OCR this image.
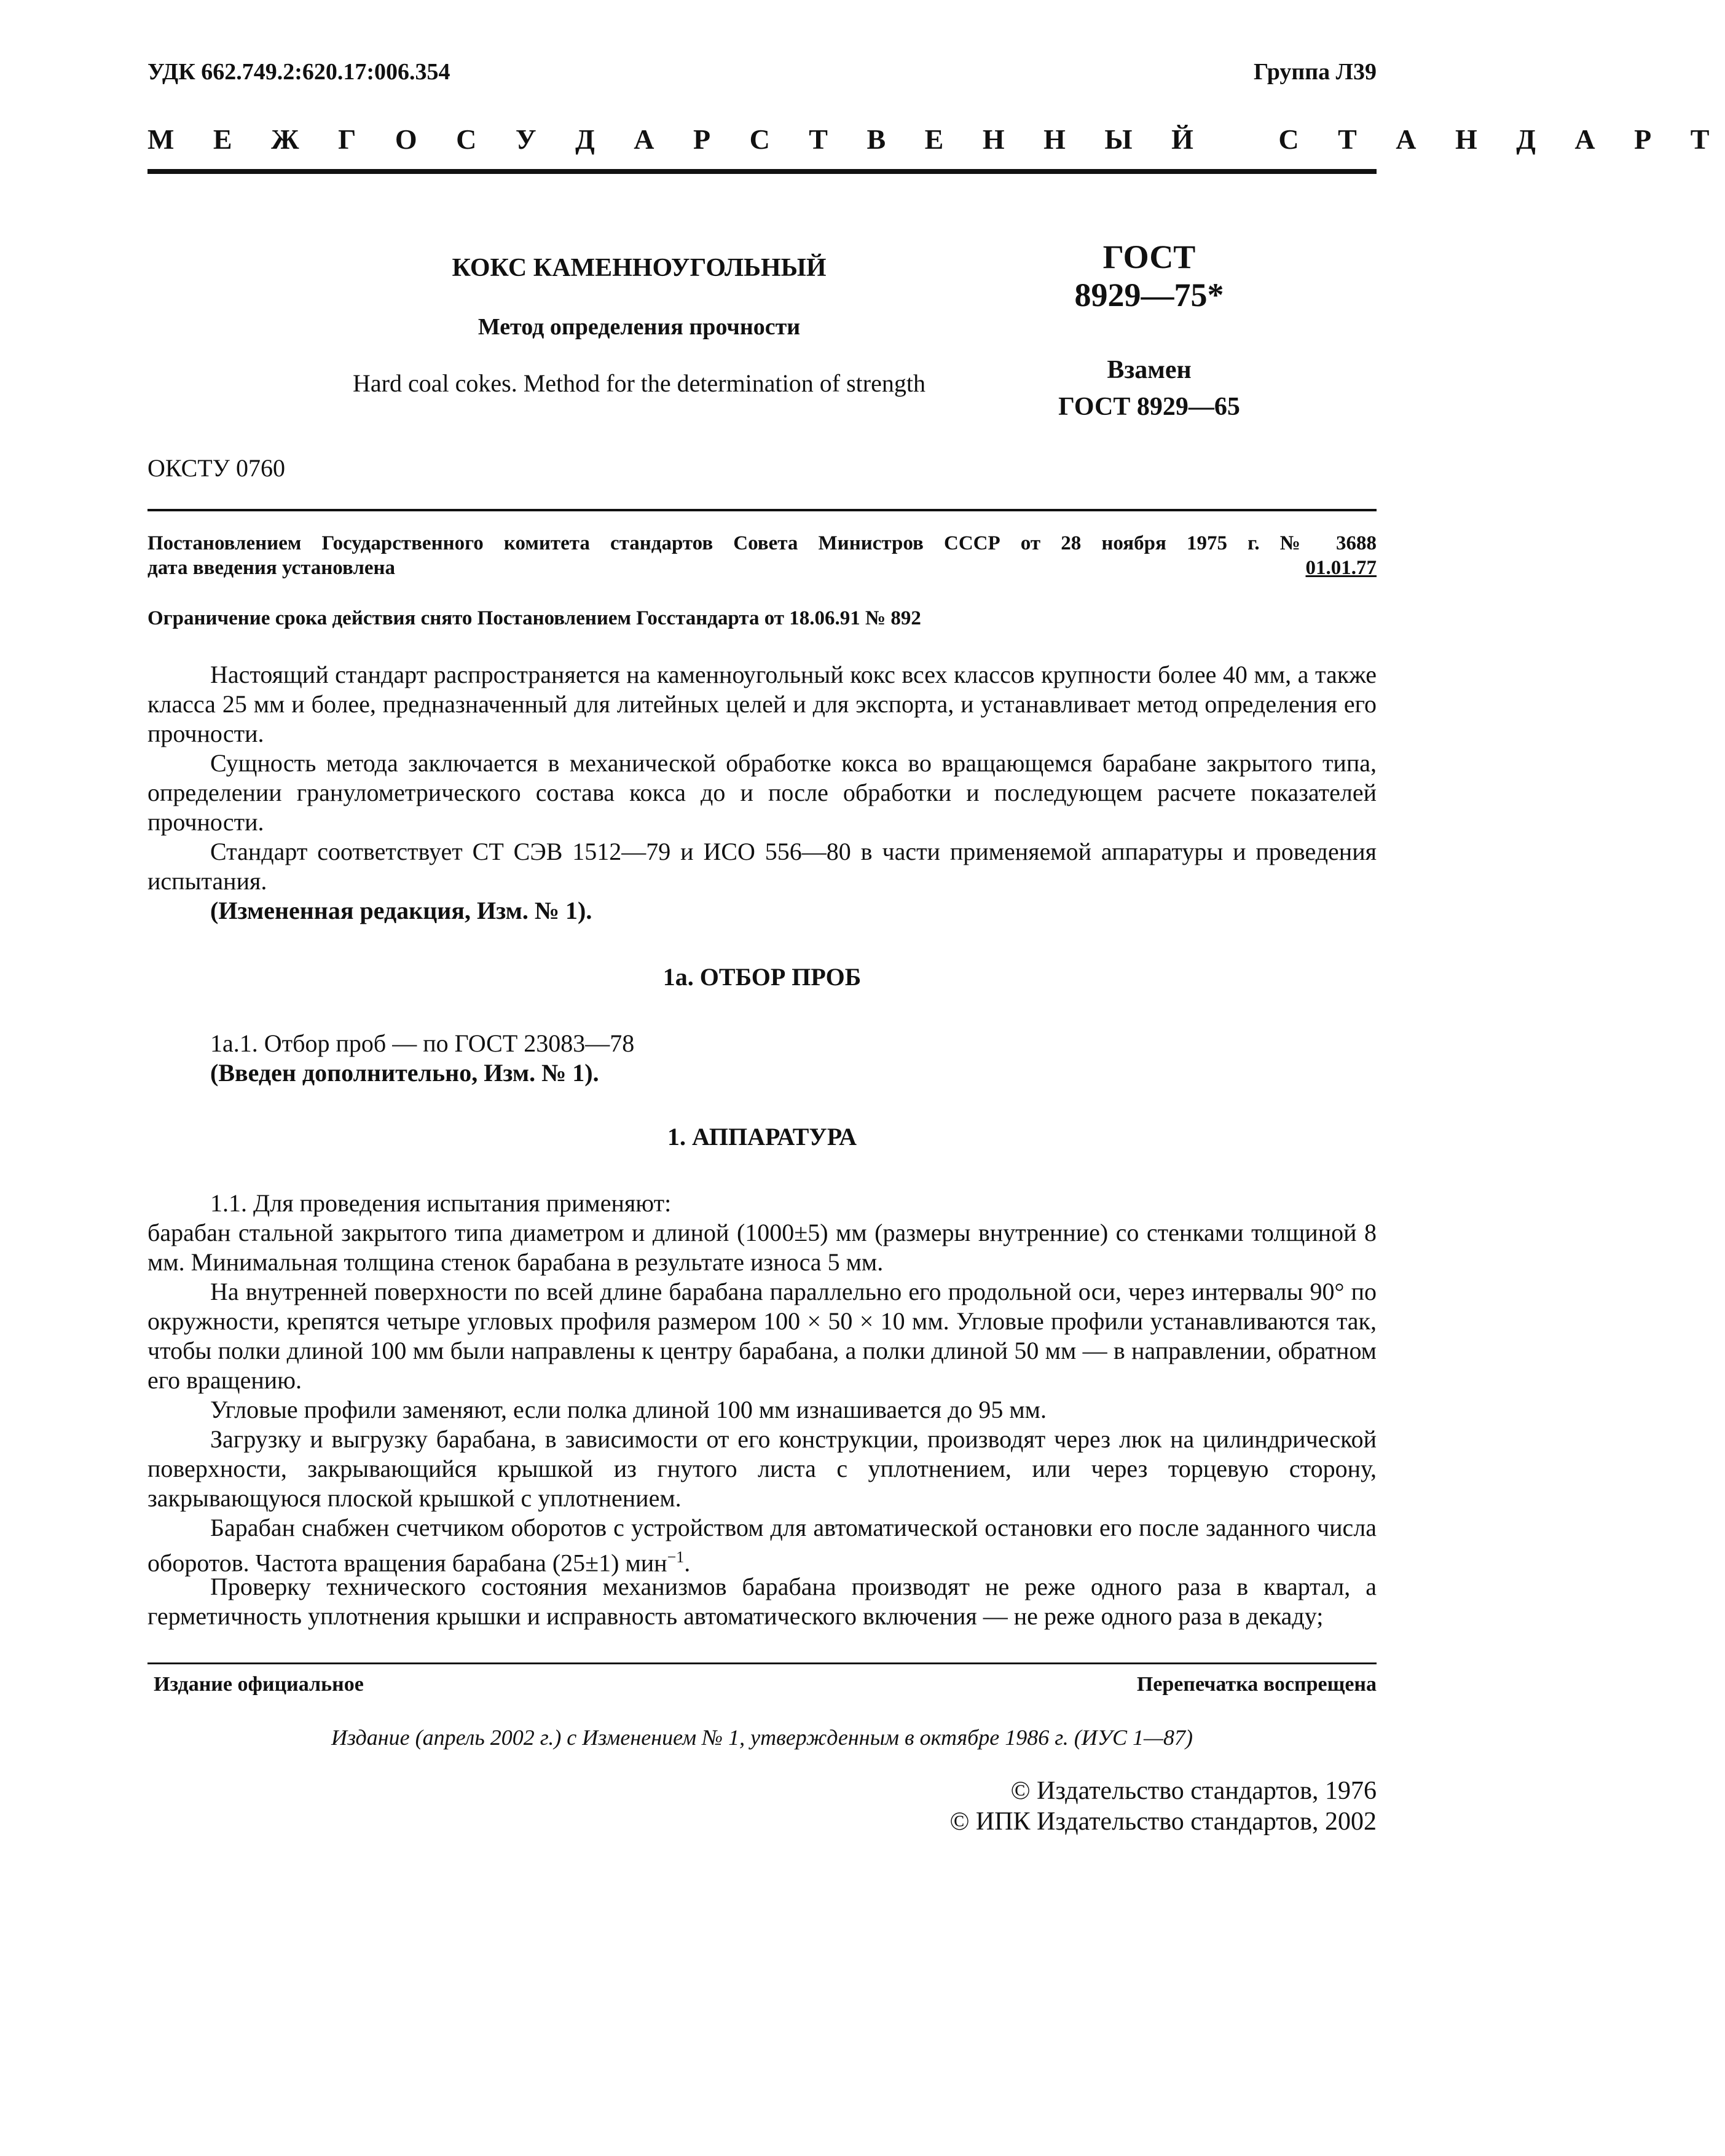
УДК 662.749.2:620.17:006.354	Группа Л39
М Е Ж Г О С У Д А Р С Т В Е Н Н Ы Й   С Т А Н Д А Р Т
КОКС КАМЕННОУГОЛЬНЫЙ
Метод определения прочности
Hard coal cokes. Method for the determination of strength
ГОСТ
8929—75*
Взамен
ГОСТ 8929—65
ОКСТУ 0760
Постановлением Государственного комитета стандартов Совета Министров СССР от 28 ноября 1975 г. № 3688
дата введения установлена	01.01.77
Ограничение срока действия снято Постановлением Госстандарта от 18.06.91 № 892

Настоящий стандарт распространяется на каменноугольный кокс всех классов крупности более 40 мм, а также класса 25 мм и более, предназначенный для литейных целей и для экспорта, и устанавливает метод определения его прочности.

Сущность метода заключается в механической обработке кокса во вращающемся барабане закрытого типа, определении гранулометрического состава кокса до и после обработки и последующем расчете показателей прочности.

Стандарт соответствует СТ СЭВ 1512—79 и ИСО 556—80 в части применяемой аппаратуры и проведения испытания.

(Измененная редакция, Изм. № 1).

1а. ОТБОР ПРОБ

1а.1. Отбор проб — по ГОСТ 23083—78

(Введен дополнительно, Изм. № 1).

1. АППАРАТУРА

1.1. Для проведения испытания применяют:

барабан стальной закрытого типа диаметром и длиной (1000±5) мм (размеры внутренние) со стенками толщиной 8 мм. Минимальная толщина стенок барабана в результате износа 5 мм.

На внутренней поверхности по всей длине барабана параллельно его продольной оси, через интервалы 90° по окружности, крепятся четыре угловых профиля размером 100 × 50 × 10 мм. Угловые профили устанавливаются так, чтобы полки длиной 100 мм были направлены к центру барабана, а полки длиной 50 мм — в направлении, обратном его вращению.

Угловые профили заменяют, если полка длиной 100 мм изнашивается до 95 мм.

Загрузку и выгрузку барабана, в зависимости от его конструкции, производят через люк на цилиндрической поверхности, закрывающийся крышкой из гнутого листа с уплотнением, или через торцевую сторону, закрывающуюся плоской крышкой с уплотнением.

Барабан снабжен счетчиком оборотов с устройством для автоматической остановки его после заданного числа оборотов. Частота вращения барабана (25±1) мин$^{-1}$.

Проверку технического состояния механизмов барабана производят не реже одного раза в квартал, а герметичность уплотнения крышки и исправность автоматического включения — не реже одного раза в декаду;

Издание официальное	Перепечатка воспрещена
Издание (апрель 2002 г.) с Изменением № 1, утвержденным в октябре 1986 г. (ИУС 1—87)
© Издательство стандартов, 1976
© ИПК Издательство стандартов, 2002
